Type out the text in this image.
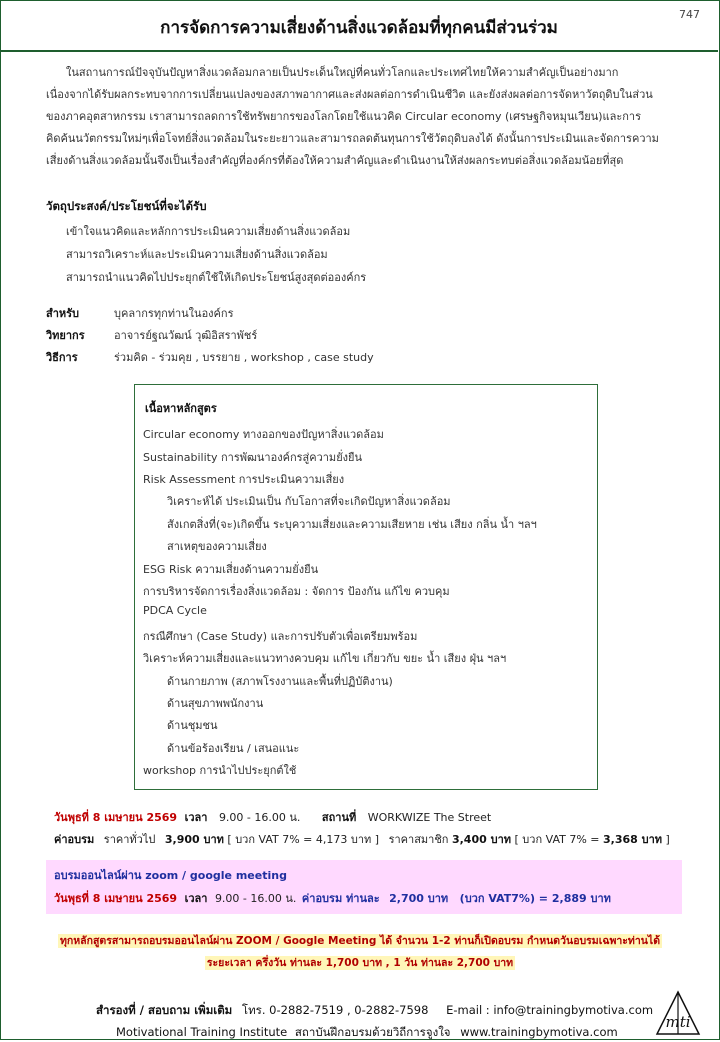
747
การจัดการความเสี่ยงด้านสิ่งแวดล้อมที่ทุกคนมีส่วนร่วม
ในสถานการณ์ปัจจุบันปัญหาสิ่งแวดล้อมกลายเป็นประเด็นใหญ่ที่คนทั่วโลกและประเทศไทยให้ความสำคัญเป็นอย่างมาก
เนื่องจากได้รับผลกระทบจากการเปลี่ยนแปลงของสภาพอากาศและส่งผลต่อการดำเนินชีวิต และยังส่งผลต่อการจัดหาวัตถุดิบในส่วน
ของภาคอุตสาหกรรม เราสามารถลดการใช้ทรัพยากรของโลกโดยใช้แนวคิด Circular economy (เศรษฐกิจหมุนเวียน)และการ
คิดค้นนวัตกรรมใหม่ๆเพื่อโจทย์สิ่งแวดล้อมในระยะยาวและสามารถลดต้นทุนการใช้วัตถุดิบลงได้ ดังนั้นการประเมินและจัดการความ
เสี่ยงด้านสิ่งแวดล้อมนั้นจึงเป็นเรื่องสำคัญที่องค์กรที่ต้องให้ความสำคัญและดำเนินงานให้ส่งผลกระทบต่อสิ่งแวดล้อมน้อยที่สุด
วัตถุประสงค์/ประโยชน์ที่จะได้รับ
เข้าใจแนวคิดและหลักการประเมินความเสี่ยงด้านสิ่งแวดล้อม
สามารถวิเคราะห์และประเมินความเสี่ยงด้านสิ่งแวดล้อม
สามารถนำแนวคิดไปประยุกต์ใช้ให้เกิดประโยชน์สูงสุดต่อองค์กร
สำหรับ	บุคลากรทุกท่านในองค์กร
วิทยากร	อาจารย์ฐณวัฒน์ วุฒิอิสราพัชร์
วิธีการ	ร่วมคิด - ร่วมคุย , บรรยาย , workshop , case study
เนื้อหาหลักสูตร
Circular economy ทางออกของปัญหาสิ่งแวดล้อม
Sustainability การพัฒนาองค์กรสู่ความยั่งยืน
Risk Assessment การประเมินความเสี่ยง
วิเคราะห์ได้ ประเมินเป็น กับโอกาสที่จะเกิดปัญหาสิ่งแวดล้อม
สังเกตสิ่งที่(จะ)เกิดขึ้น ระบุความเสี่ยงและความเสียหาย เช่น เสียง กลิ่น น้ำ ฯลฯ
สาเหตุของความเสี่ยง
ESG Risk ความเสี่ยงด้านความยั่งยืน
การบริหารจัดการเรื่องสิ่งแวดล้อม : จัดการ ป้องกัน แก้ไข ควบคุม
PDCA Cycle
กรณีศึกษา (Case Study) และการปรับตัวเพื่อเตรียมพร้อม
วิเคราะห์ความเสี่ยงและแนวทางควบคุม แก้ไข เกี่ยวกับ ขยะ น้ำ เสียง ฝุ่น ฯลฯ
ด้านกายภาพ (สภาพโรงงานและพื้นที่ปฏิบัติงาน)
ด้านสุขภาพพนักงาน
ด้านชุมชน
ด้านข้อร้องเรียน / เสนอแนะ
workshop การนำไปประยุกต์ใช้
วันพุธที่ 8 เมษายน 2569 เวลา 9.00 - 16.00 น. สถานที่ WORKWIZE The Street
ค่าอบรม ราคาทั่วไป 3,900 บาท [ บวก VAT 7% = 4,173 บาท ] ราคาสมาชิก 3,400 บาท [ บวก VAT 7% = 3,368 บาท ]
อบรมออนไลน์ผ่าน zoom / google meeting
วันพุธที่ 8 เมษายน 2569 เวลา 9.00 - 16.00 น. ค่าอบรม ท่านละ 2,700 บาท (บวก VAT7%) = 2,889 บาท
ทุกหลักสูตรสามารถอบรมออนไลน์ผ่าน ZOOM / Google Meeting ได้ จำนวน 1-2 ท่านก็เปิดอบรม กำหนดวันอบรมเฉพาะท่านได้
ระยะเวลา ครึ่งวัน ท่านละ 1,700 บาท , 1 วัน ท่านละ 2,700 บาท
สำรองที่ / สอบถาม เพิ่มเติม โทร. 0-2882-7519 , 0-2882-7598 E-mail : info@trainingbymotiva.com
Motivational Training Institute สถาบันฝึกอบรมด้วยวิถีการจูงใจ www.trainingbymotiva.com
mti
